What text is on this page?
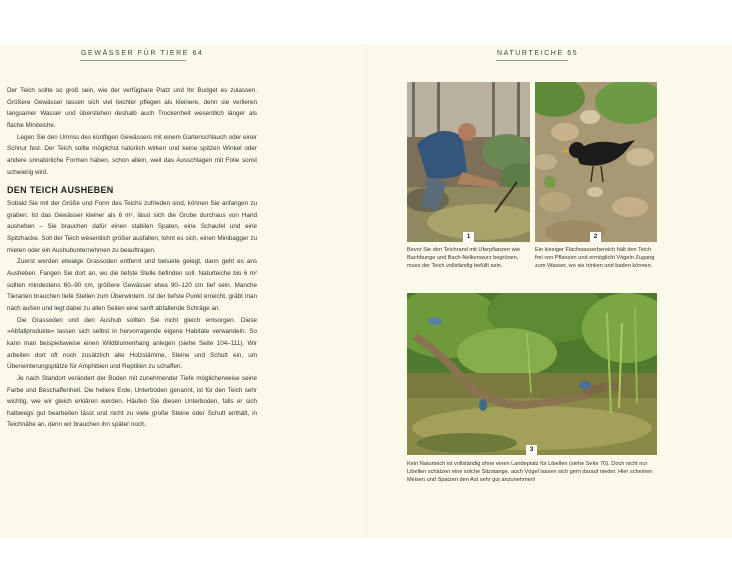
GEWÄSSER FÜR TIERE 64

Der Teich sollte so groß sein, wie der verfügbare Platz und Ihr Budget es zulassen. Größere Gewässer lassen sich viel leichter pflegen als kleinere, denn sie verlieren langsamer Wasser und überstehen deshalb auch Trockenheit wesentlich länger als flache Miniteiche.

Legen Sie den Umriss des künftigen Gewässers mit einem Gartenschlauch oder einer Schnur fest. Der Teich sollte möglichst natürlich wirken und keine spitzen Winkel oder andere unnatürliche Formen haben, schon allein, weil das Ausschlagen mit Folie sonst schwierig wird.

DEN TEICH AUSHEBEN

Sobald Sie mit der Größe und Form des Teichs zufrieden sind, können Sie anfangen zu graben. Ist das Gewässer kleiner als 6 m², lässt sich die Grube durchaus von Hand ausheben – Sie brauchen dafür einen stabilen Spaten, eine Schaufel und eine Spitzhacke. Soll der Teich wesentlich größer ausfallen, lohnt es sich, einen Minibagger zu mieten oder ein Aushubunternehmen zu beauftragen.

Zuerst werden etwaige Grassoden entfernt und beiseite gelegt, dann geht es ans Ausheben. Fangen Sie dort an, wo die tiefste Stelle befinden soll. Naturteiche bis 6 m² sollten mindestens 60–90 cm, größere Gewässer etwa 90–120 cm tief sein. Manche Tierarten brauchen tiefe Stellen zum Überwintern. Ist der tiefste Punkt erreicht, gräbt man nach außen und legt dabei zu allen Seiten eine sanft abfallende Schräge an.

Die Grassoden und den Aushub sollten Sie nicht gleich entsorgen. Diese »Abfallprodukte« lassen sich selbst in hervorragende eigene Habitate verwandeln. So kann man beispielsweise einen Wildblumenhang anlegen (siehe Seite 104–111). Wir arbeiten dort oft noch zusätzlich alte Holzstämme, Steine und Schutt ein, um Überwinterungsplätze für Amphibien und Reptilien zu schaffen.

Je nach Standort verändert der Boden mit zunehmender Tiefe möglicherweise seine Farbe und Beschaffenheit. Die hellere Erde, Unterboden genannt, ist für den Teich sehr wichtig, wie wir gleich erklären werden. Häufen Sie diesen Unterboden, falls er sich halbwegs gut bearbeiten lässt und nicht zu viele große Steine oder Schutt enthält, in Teichnähe an, denn wir brauchen ihn später noch.

NATURTEICHE 65
1	2
Bevor Sie den Teichrand mit Uferpflanzen wie Bachbunge und Bach-Nelkenwurz begrünen, muss der Teich vollständig befüllt sein.
Ein kiesiger Flachwasserbereich hält den Teich frei von Pflanzen und ermöglicht Vögeln Zugang zum Wasser, wo sie trinken und baden können.
3
Kein Naturteich ist vollständig ohne einen Landeplatz für Libellen (siehe Seite 70). Doch nicht nur Libellen schätzen eine solche Sitzstange, auch Vögel lassen sich gern darauf nieder. Hier scheinen Meisen und Spatzen den Ast sehr gut anzunehmen!
